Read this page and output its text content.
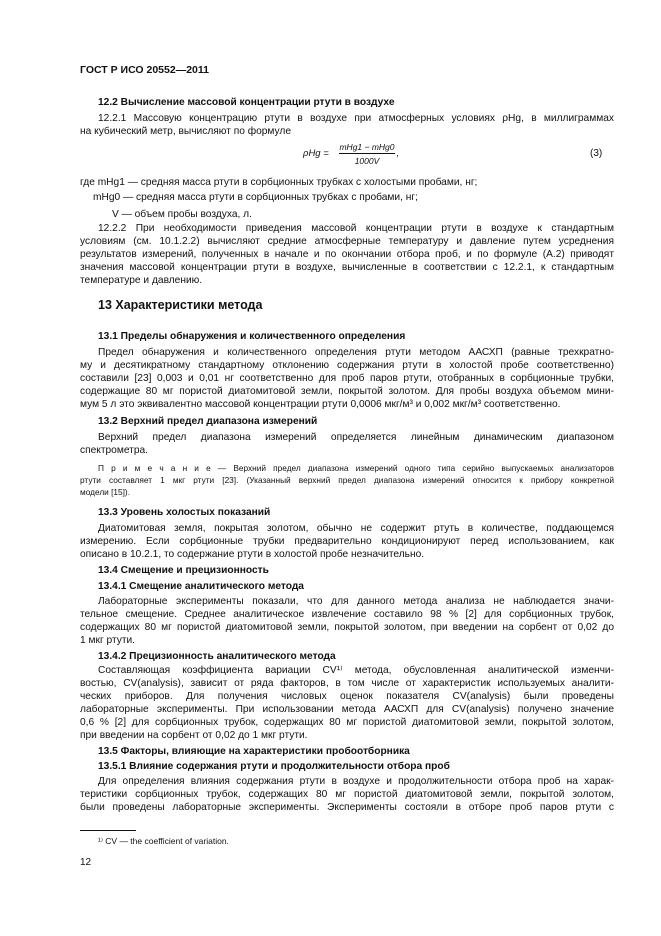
ГОСТ Р ИСО 20552—2011
12.2 Вычисление массовой концентрации ртути в воздухе
12.2.1 Массовую концентрацию ртути в воздухе при атмосферных условиях ρHg, в миллиграммах
на кубический метр, вычисляют по формуле
ρHg =
mHg1 − mHg0
1000V
,	(3)
где mHg1 — средняя масса ртути в сорбционных трубках с холостыми пробами, нг;
mHg0 — средняя масса ртути в сорбционных трубках с пробами, нг;
V — объем пробы воздуха, л.
12.2.2 При необходимости приведения массовой концентрации ртути в воздухе к стандартным
условиям (см. 10.1.2.2) вычисляют средние атмосферные температуру и давление путем усреднения
результатов измерений, полученных в начале и по окончании отбора проб, и по формуле (А.2) приводят
значения массовой концентрации ртути в воздухе, вычисленные в соответствии с 12.2.1, к стандартным
температуре и давлению.
13 Характеристики метода
13.1 Пределы обнаружения и количественного определения
Предел обнаружения и количественного определения ртути методом ААСХП (равные трехкратно-
му и десятикратному стандартному отклонению содержания ртути в холостой пробе соответственно)
составили [23] 0,003 и 0,01 нг соответственно для проб паров ртути, отобранных в сорбционные трубки,
содержащие 80 мг пористой диатомитовой земли, покрытой золотом. Для пробы воздуха объемом мини-
мум 5 л это эквивалентно массовой концентрации ртути 0,0006 мкг/м³ и 0,002 мкг/м³ соответственно.
13.2 Верхний предел диапазона измерений
Верхний предел диапазона измерений определяется линейным динамическим диапазоном
спектрометра.
П р и м е ч а н и е — Верхний предел диапазона измерений одного типа серийно выпускаемых анализаторов
ртути составляет 1 мкг ртути [23]. (Указанный верхний предел диапазона измерений относится к прибору конкретной
модели [15]).
13.3 Уровень холостых показаний
Диатомитовая земля, покрытая золотом, обычно не содержит ртуть в количестве, поддающемся
измерению. Если сорбционные трубки предварительно кондиционируют перед использованием, как
описано в 10.2.1, то содержание ртути в холостой пробе незначительно.
13.4 Смещение и прецизионность
13.4.1 Смещение аналитического метода
Лабораторные эксперименты показали, что для данного метода анализа не наблюдается значи-
тельное смещение. Среднее аналитическое извлечение составило 98 % [2] для сорбционных трубок,
содержащих 80 мг пористой диатомитовой земли, покрытой золотом, при введении на сорбент от 0,02 до
1 мкг ртути.
13.4.2 Прецизионность аналитического метода
Составляющая коэффициента вариации CV¹⁾ метода, обусловленная аналитической изменчи-
востью, CV(analysis), зависит от ряда факторов, в том числе от характеристик используемых аналити-
ческих приборов. Для получения числовых оценок показателя CV(analysis) были проведены
лабораторные эксперименты. При использовании метода ААСХП для CV(analysis) получено значение
0,6 % [2] для сорбционных трубок, содержащих 80 мг пористой диатомитовой земли, покрытой золотом,
при введении на сорбент от 0,02 до 1 мкг ртути.
13.5 Факторы, влияющие на характеристики пробоотборника
13.5.1 Влияние содержания ртути и продолжительности отбора проб
Для определения влияния содержания ртути в воздухе и продолжительности отбора проб на харак-
теристики сорбционных трубок, содержащих 80 мг пористой диатомитовой земли, покрытой золотом,
были проведены лабораторные эксперименты. Эксперименты состояли в отборе проб паров ртути с
¹⁾ CV — the coefficient of variation.
12
